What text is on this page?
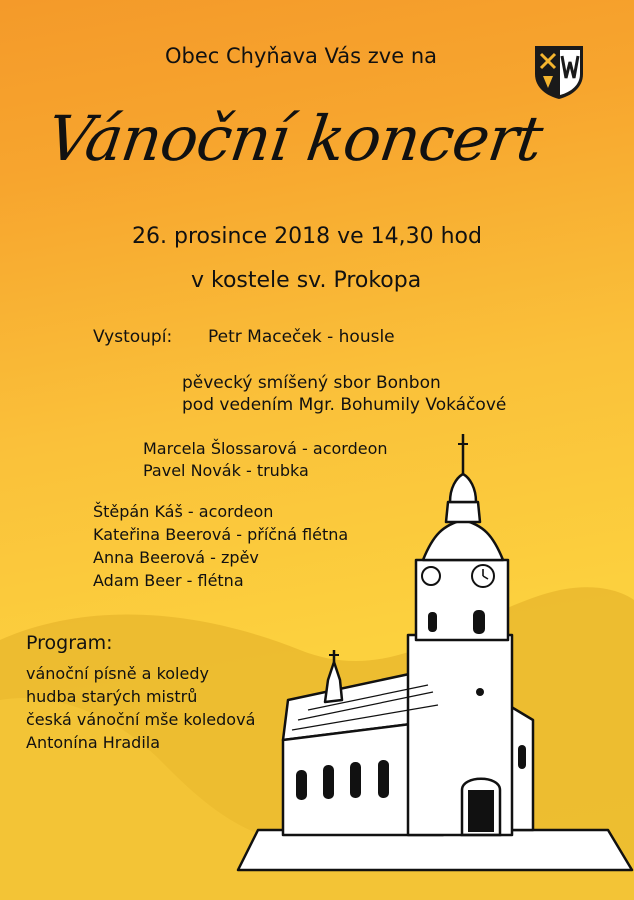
Obec Chyňava Vás zve na
Vánoční koncert
26. prosince 2018 ve 14,30 hod
v kostele sv. Prokopa
Vystoupí: Petr Maceček - housle
pěvecký smíšený sbor Bonbon
pod vedením Mgr. Bohumily Vokáčové
Marcela Šlossarová - acordeon
Pavel Novák - trubka
Štěpán Káš - acordeon
Kateřina Beerová - příčná flétna
Anna Beerová - zpěv
Adam Beer - flétna
Program:
vánoční písně a koledy
hudba starých mistrů
česká vánoční mše koledová
Antonína Hradila
